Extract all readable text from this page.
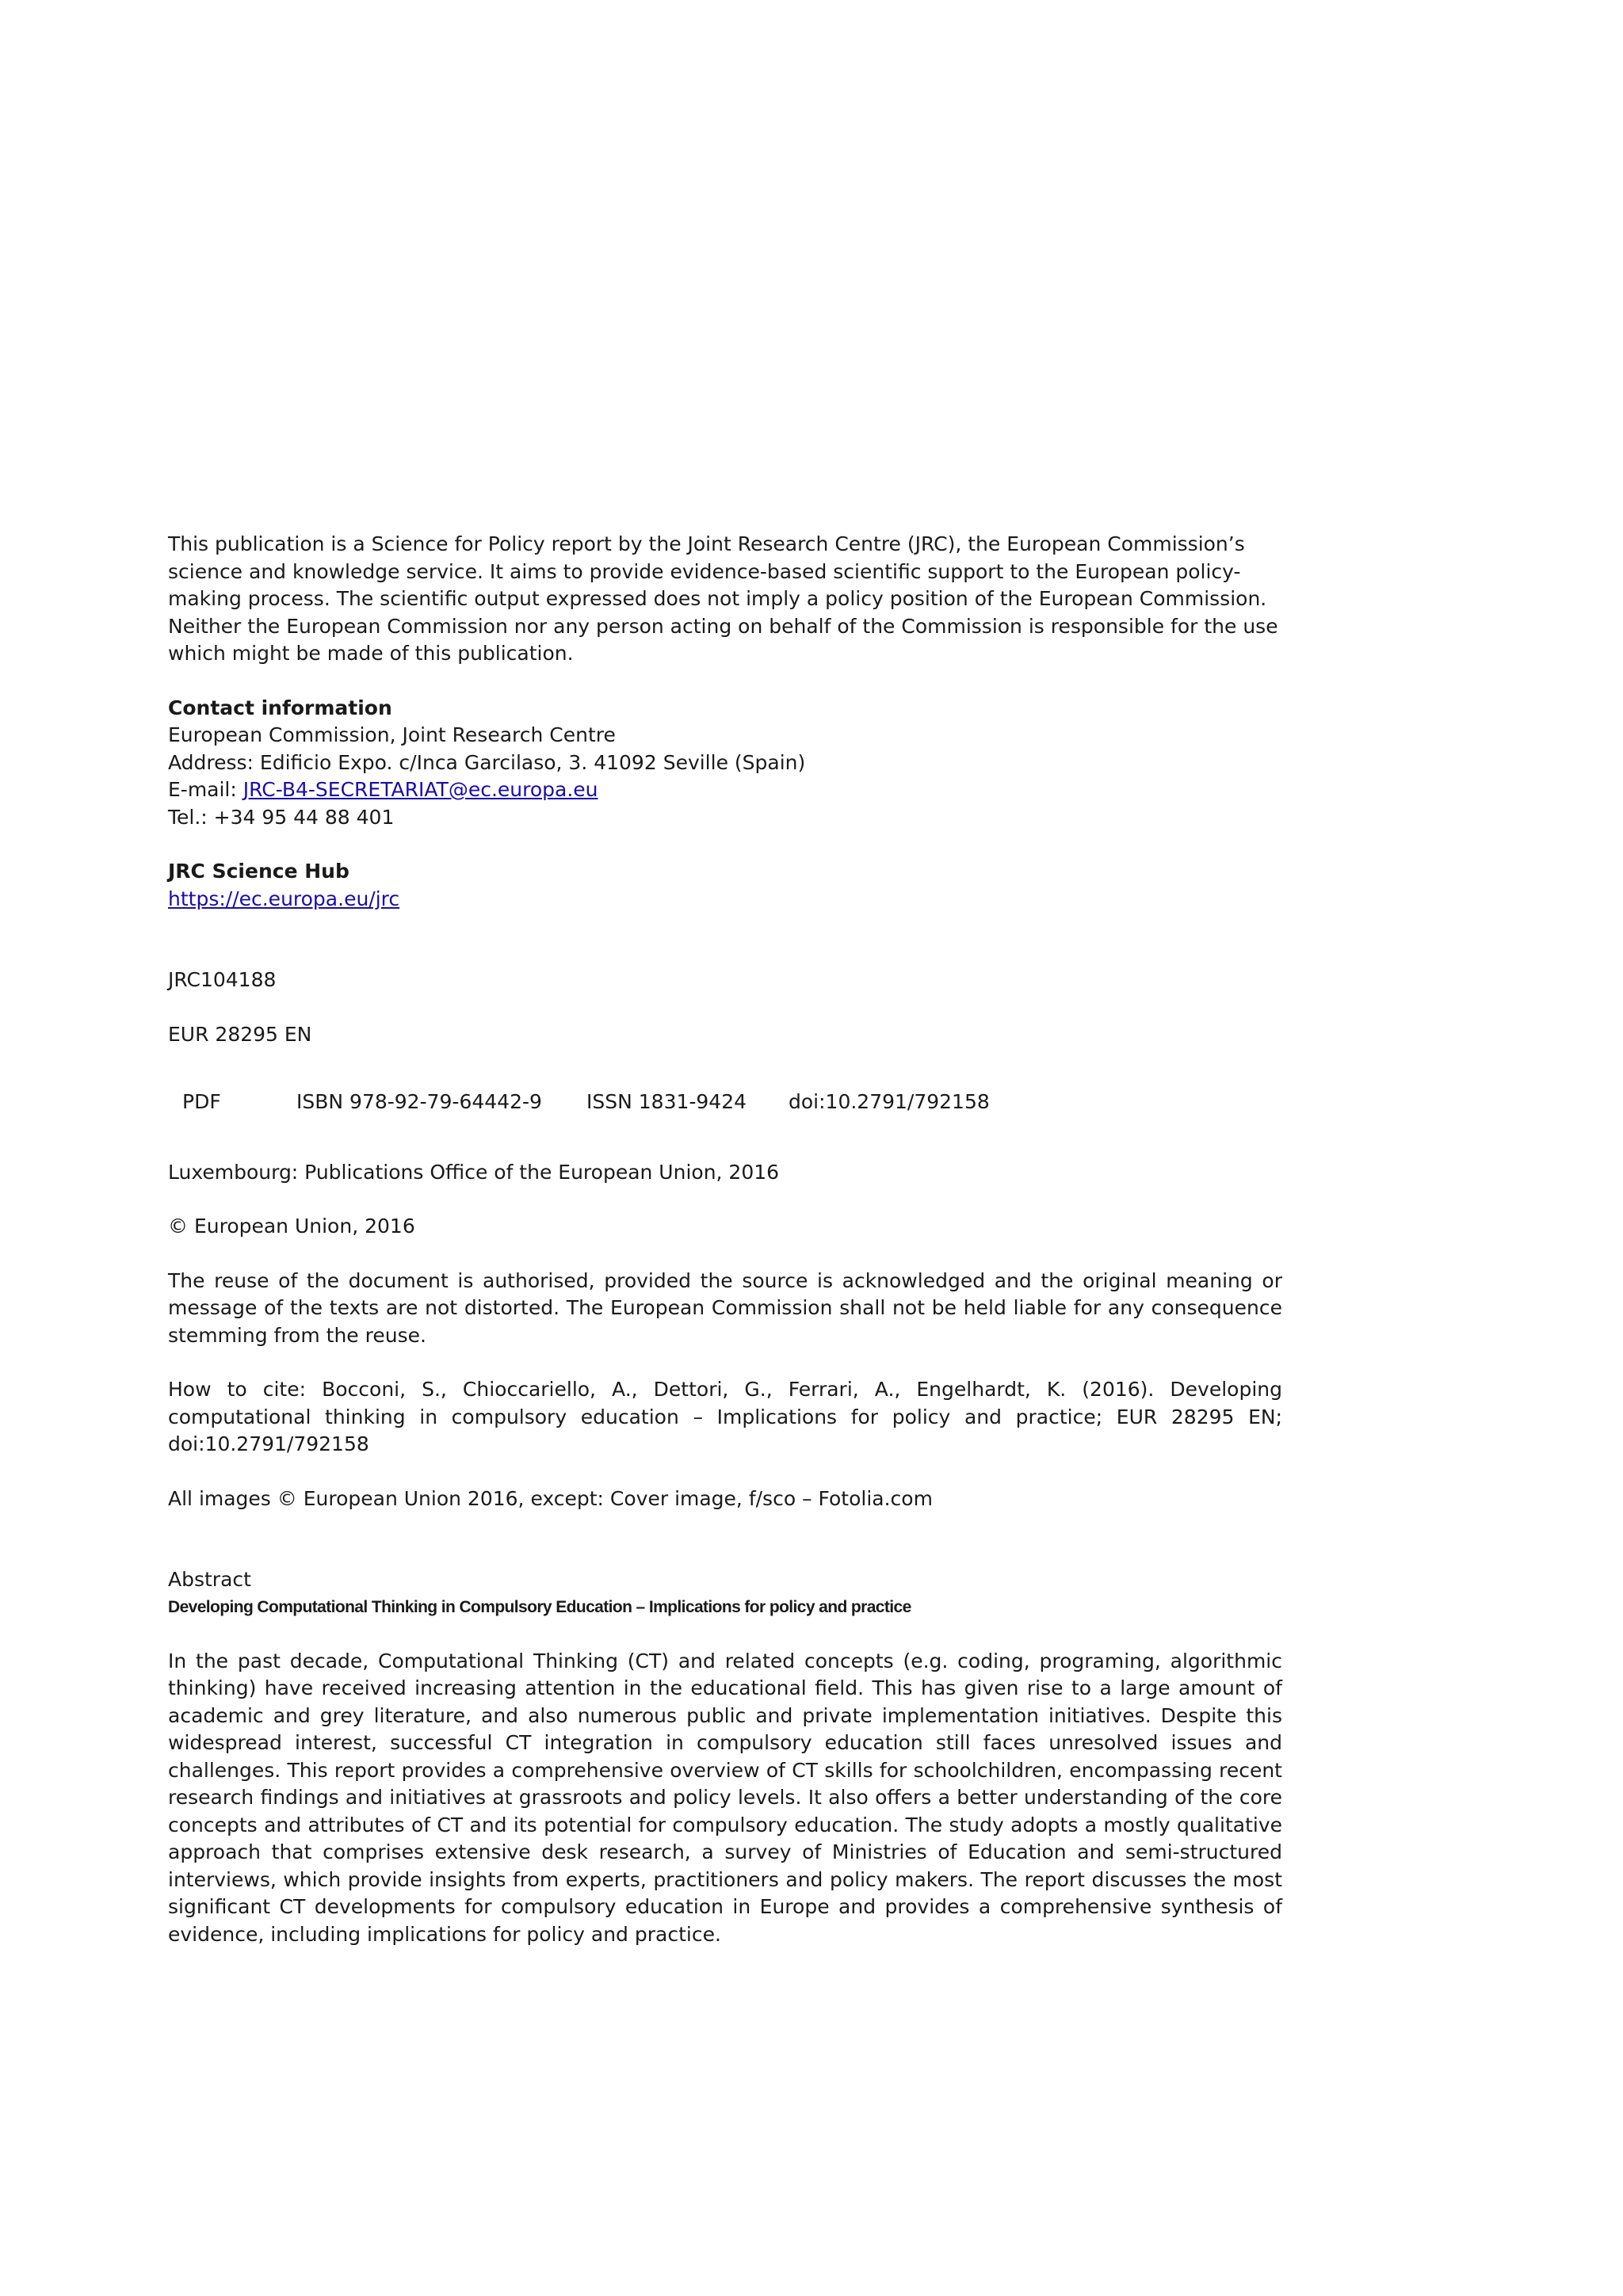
This publication is a Science for Policy report by the Joint Research Centre (JRC), the European Commission’s science and knowledge service. It aims to provide evidence-based scientific support to the European policy-making process. The scientific output expressed does not imply a policy position of the European Commission. Neither the European Commission nor any person acting on behalf of the Commission is responsible for the use which might be made of this publication.

Contact information

European Commission, Joint Research Centre

Address: Edificio Expo. c/Inca Garcilaso, 3. 41092 Seville (Spain)

E-mail: JRC-B4-SECRETARIAT@ec.europa.eu

Tel.: +34 95 44 88 401

JRC Science Hub

https://ec.europa.eu/jrc

JRC104188

EUR 28295 EN

PDF	ISBN 978-92-79-64442-9	ISSN 1831-9424	doi:10.2791/792158

Luxembourg: Publications Office of the European Union, 2016

© European Union, 2016

The reuse of the document is authorised, provided the source is acknowledged and the original meaning or message of the texts are not distorted. The European Commission shall not be held liable for any consequence stemming from the reuse.

How to cite: Bocconi, S., Chioccariello, A., Dettori, G., Ferrari, A., Engelhardt, K. (2016). Developing computational thinking in compulsory education – Implications for policy and practice; EUR 28295 EN; doi:10.2791/792158

All images © European Union 2016, except: Cover image, f/sco – Fotolia.com

Abstract

Developing Computational Thinking in Compulsory Education – Implications for policy and practice

In the past decade, Computational Thinking (CT) and related concepts (e.g. coding, programing, algorithmic thinking) have received increasing attention in the educational field. This has given rise to a large amount of academic and grey literature, and also numerous public and private implementation initiatives. Despite this widespread interest, successful CT integration in compulsory education still faces unresolved issues and challenges. This report provides a comprehensive overview of CT skills for schoolchildren, encompassing recent research findings and initiatives at grassroots and policy levels. It also offers a better understanding of the core concepts and attributes of CT and its potential for compulsory education. The study adopts a mostly qualitative approach that comprises extensive desk research, a survey of Ministries of Education and semi-structured interviews, which provide insights from experts, practitioners and policy makers. The report discusses the most significant CT developments for compulsory education in Europe and provides a comprehensive synthesis of evidence, including implications for policy and practice.
